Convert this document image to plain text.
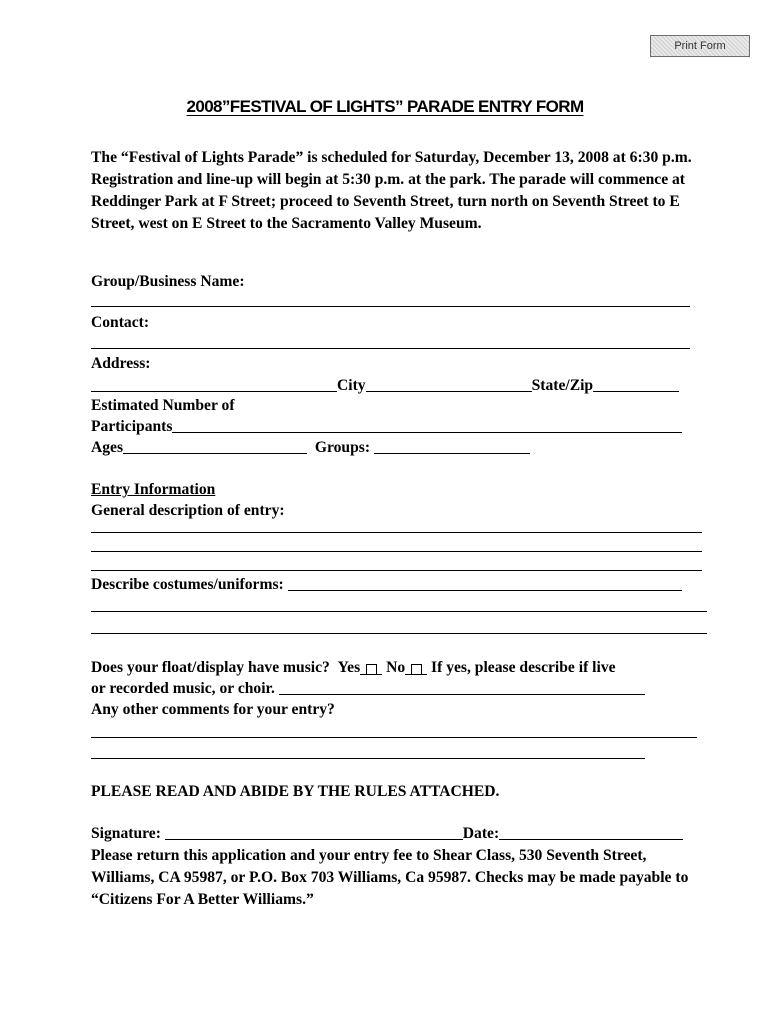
Print Form
2008”FESTIVAL OF LIGHTS” PARADE ENTRY FORM
The “Festival of Lights Parade” is scheduled for Saturday, December 13, 2008 at 6:30 p.m. Registration and line-up will begin at 5:30 p.m. at the park. The parade will commence at Reddinger Park at F Street; proceed to Seventh Street, turn north on Seventh Street to E Street, west on E Street to the Sacramento Valley Museum.
Group/Business Name:
Contact:
Address:
City	State/Zip
Estimated Number of
Participants
Ages	Groups:
Entry Information
General description of entry:
Describe costumes/uniforms:
Does your float/display have music? Yes No If yes, please describe if live
or recorded music, or choir.
Any other comments for your entry?
PLEASE READ AND ABIDE BY THE RULES ATTACHED.
Signature:	Date:
Please return this application and your entry fee to Shear Class, 530 Seventh Street, Williams, CA 95987, or P.O. Box 703 Williams, Ca 95987. Checks may be made payable to “Citizens For A Better Williams.”
